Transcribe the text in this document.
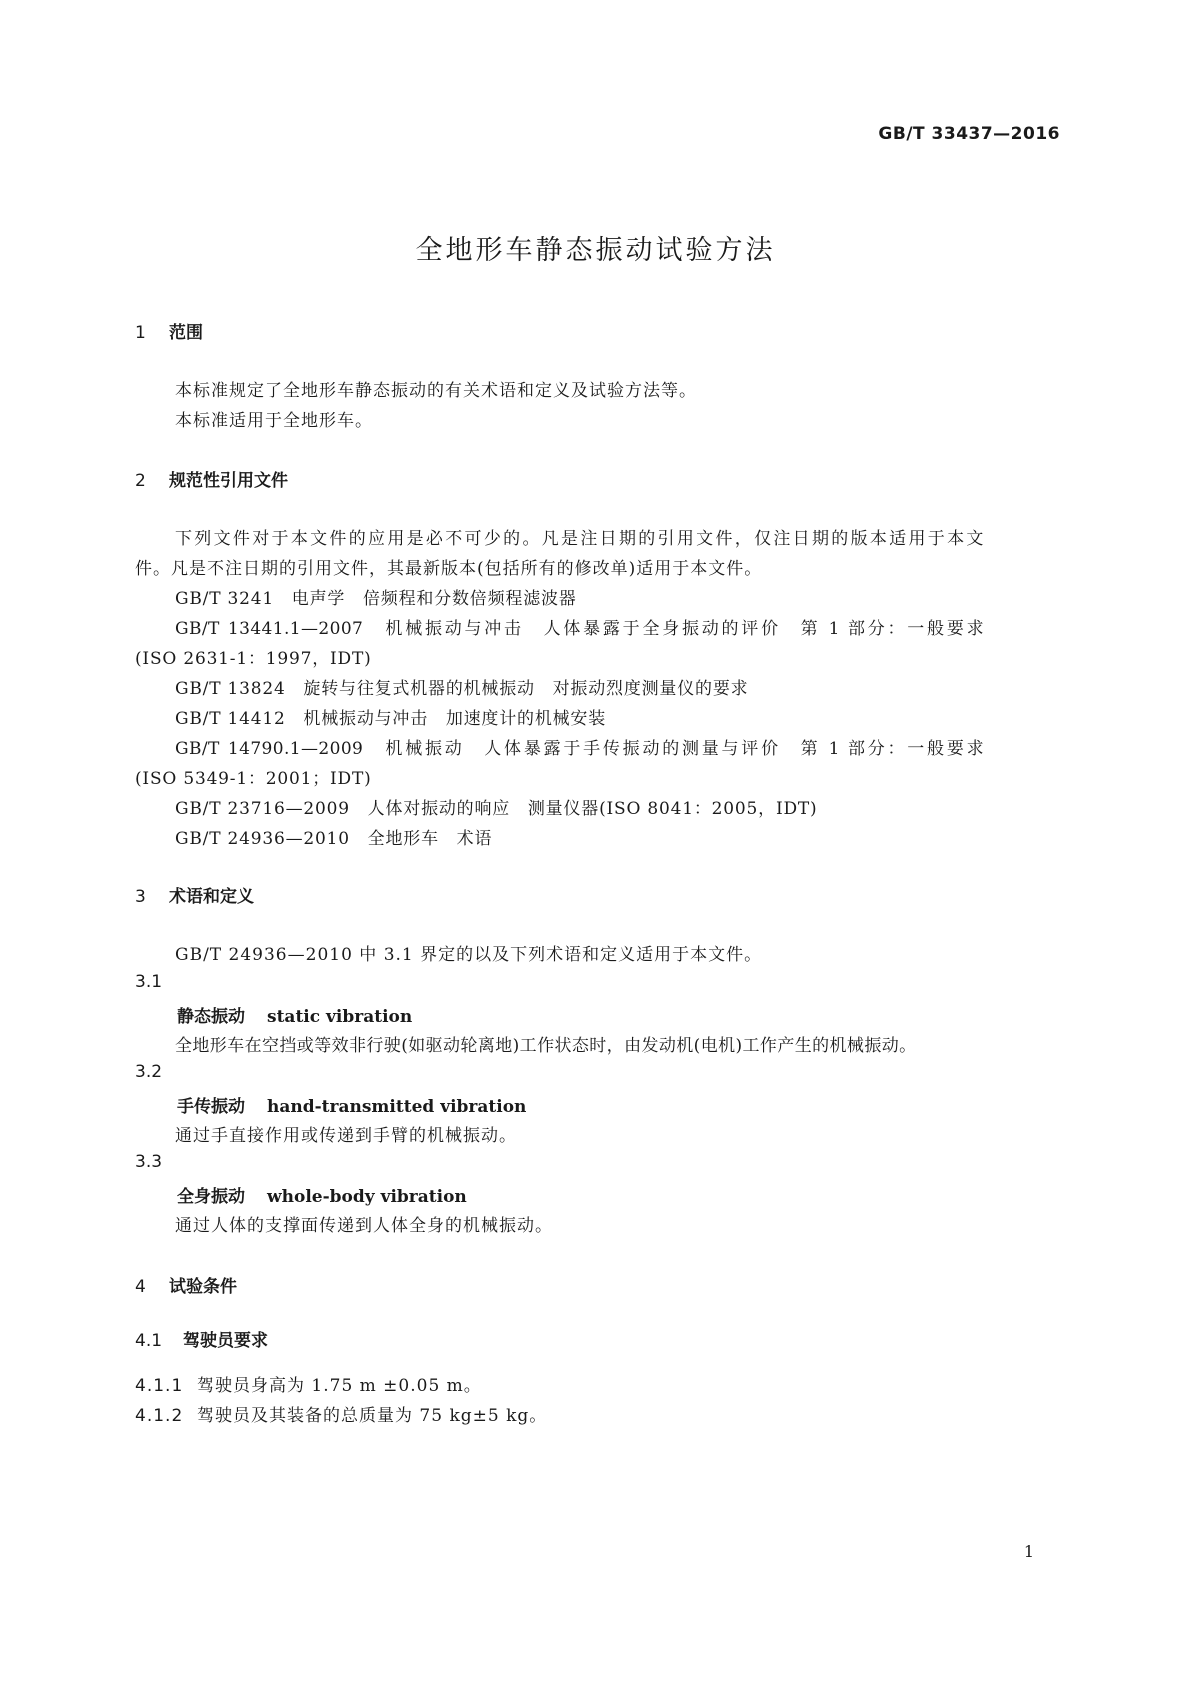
GB/T 33437—2016
全地形车静态振动试验方法
1 范围
本标准规定了全地形车静态振动的有关术语和定义及试验方法等。
本标准适用于全地形车。
2 规范性引用文件
下列文件对于本文件的应用是必不可少的。凡是注日期的引用文件，仅注日期的版本适用于本文
件。凡是不注日期的引用文件，其最新版本(包括所有的修改单)适用于本文件。
GB/T 3241　电声学　倍频程和分数倍频程滤波器
GB/T 13441.1—2007　机械振动与冲击　人体暴露于全身振动的评价　第 1 部分：一般要求
(ISO 2631-1：1997，IDT)
GB/T 13824　旋转与往复式机器的机械振动　对振动烈度测量仪的要求
GB/T 14412　机械振动与冲击　加速度计的机械安装
GB/T 14790.1—2009　机械振动　人体暴露于手传振动的测量与评价　第 1 部分：一般要求
(ISO 5349-1：2001；IDT)
GB/T 23716—2009　人体对振动的响应　测量仪器(ISO 8041：2005，IDT)
GB/T 24936—2010　全地形车　术语
3 术语和定义
GB/T 24936—2010 中 3.1 界定的以及下列术语和定义适用于本文件。
3.1
静态振动 static vibration
全地形车在空挡或等效非行驶(如驱动轮离地)工作状态时，由发动机(电机)工作产生的机械振动。
3.2
手传振动 hand-transmitted vibration
通过手直接作用或传递到手臂的机械振动。
3.3
全身振动 whole-body vibration
通过人体的支撑面传递到人体全身的机械振动。
4 试验条件
4.1 驾驶员要求
4.1.1 驾驶员身高为 1.75 m ±0.05 m。
4.1.2 驾驶员及其装备的总质量为 75 kg±5 kg。
1
